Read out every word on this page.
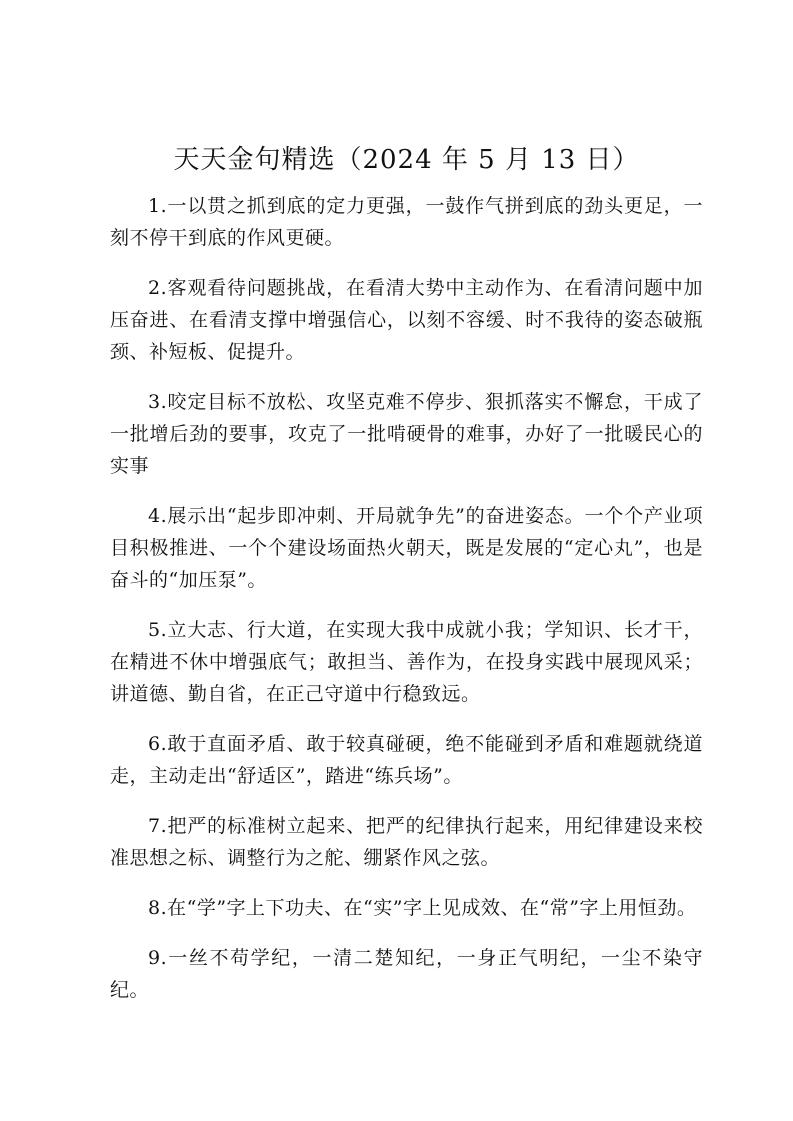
天天金句精选（2024 年 5 月 13 日）

1.一以贯之抓到底的定力更强，一鼓作气拼到底的劲头更足，一刻不停干到底的作风更硬。

2.客观看待问题挑战，在看清大势中主动作为、在看清问题中加压奋进、在看清支撑中增强信心，以刻不容缓、时不我待的姿态破瓶颈、补短板、促提升。

3.咬定目标不放松、攻坚克难不停步、狠抓落实不懈怠，干成了一批增后劲的要事，攻克了一批啃硬骨的难事，办好了一批暖民心的实事

4.展示出“起步即冲刺、开局就争先”的奋进姿态。一个个产业项目积极推进、一个个建设场面热火朝天，既是发展的“定心丸”，也是奋斗的“加压泵”。

5.立大志、行大道，在实现大我中成就小我；学知识、长才干，在精进不休中增强底气；敢担当、善作为，在投身实践中展现风采；讲道德、勤自省，在正己守道中行稳致远。

6.敢于直面矛盾、敢于较真碰硬，绝不能碰到矛盾和难题就绕道走，主动走出“舒适区”，踏进“练兵场”。

7.把严的标准树立起来、把严的纪律执行起来，用纪律建设来校准思想之标、调整行为之舵、绷紧作风之弦。

8.在“学”字上下功夫、在“实”字上见成效、在“常”字上用恒劲。

9.一丝不苟学纪，一清二楚知纪，一身正气明纪，一尘不染守纪。
